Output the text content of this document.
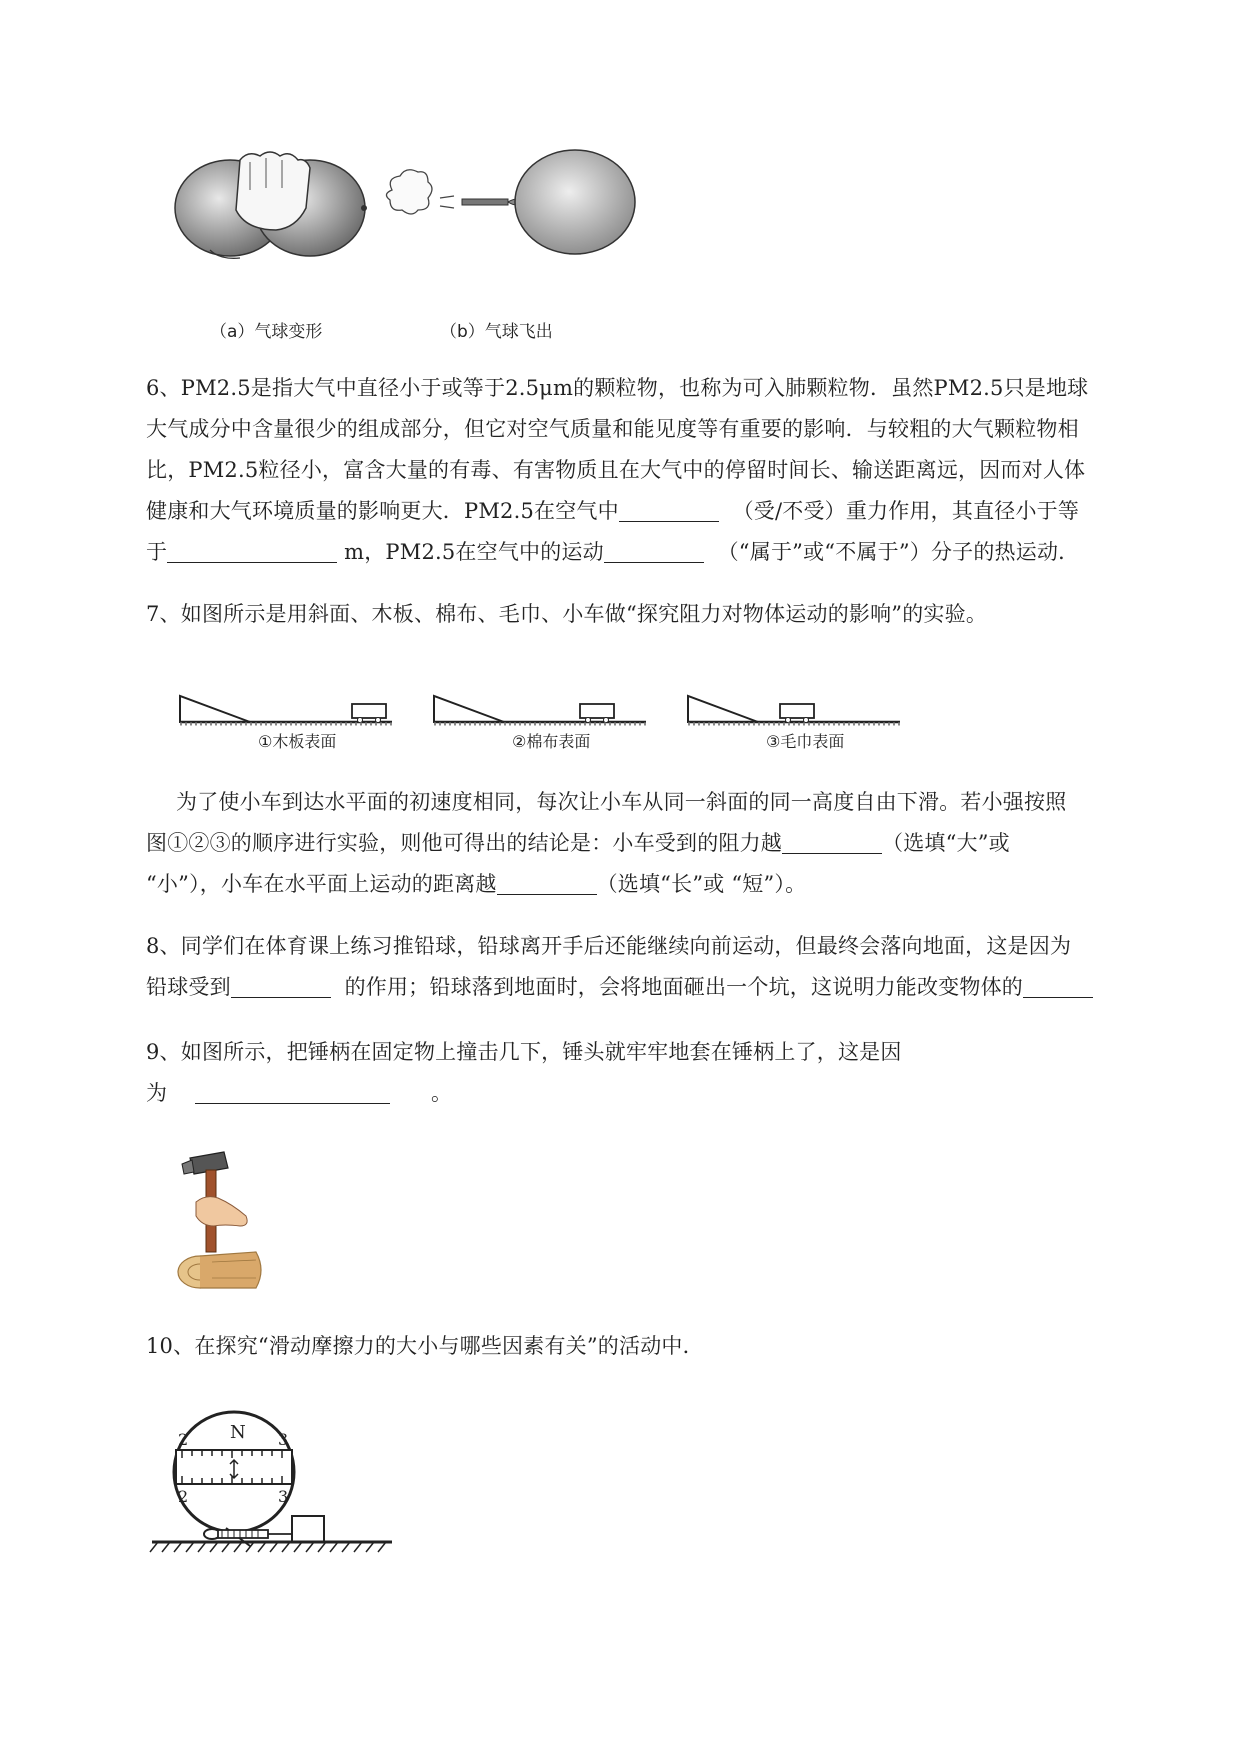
（a）气球变形	（b）气球飞出
6、PM2.5是指大气中直径小于或等于2.5μm的颗粒物，也称为可入肺颗粒物．虽然PM2.5只是地球
大气成分中含量很少的组成部分，但它对空气质量和能见度等有重要的影响．与较粗的大气颗粒物相
比，PM2.5粒径小，富含大量的有毒、有害物质且在大气中的停留时间长、输送距离远，因而对人体
健康和大气环境质量的影响更大．PM2.5在空气中	（受/不受）重力作用，其直径小于等
于	m，PM2.5在空气中的运动	（“属于”或“不属于”）分子的热运动．
7、如图所示是用斜面、木板、棉布、毛巾、小车做“探究阻力对物体运动的影响”的实验。
①木板表面	②棉布表面	③毛巾表面
为了使小车到达水平面的初速度相同，每次让小车从同一斜面的同一高度自由下滑。若小强按照
图①②③的顺序进行实验，则他可得出的结论是：小车受到的阻力越	（选填“大”或
“小”），小车在水平面上运动的距离越	（选填“长”或 “短”）。
8、同学们在体育课上练习推铅球，铅球离开手后还能继续向前运动，但最终会落向地面，这是因为
铅球受到	的作用；铅球落到地面时，会将地面砸出一个坑，这说明力能改变物体的
9、如图所示，把锤柄在固定物上撞击几下，锤头就牢牢地套在锤柄上了，这是因
为	。
10、在探究“滑动摩擦力的大小与哪些因素有关”的活动中．
N
2	3
2	3
